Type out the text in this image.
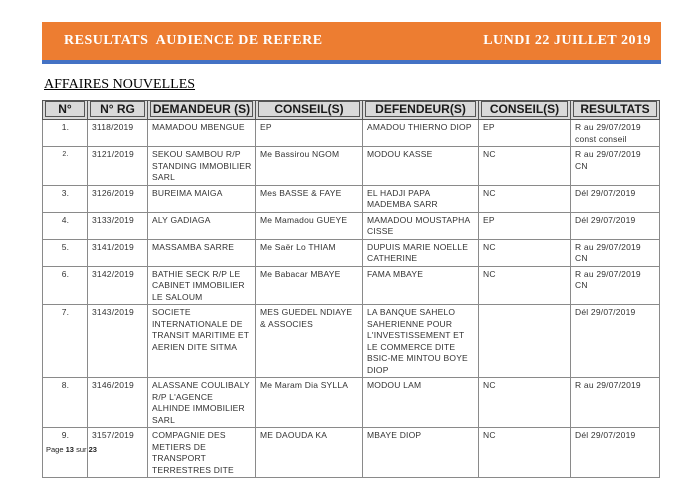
RESULTATS  AUDIENCE DE REFERE	LUNDI 22 JUILLET 2019
AFFAIRES NOUVELLES
N°	N° RG	DEMANDEUR (S)	CONSEIL(S)	DEFENDEUR(S)	CONSEIL(S)	RESULTATS

1.	3118/2019	MAMADOU MBENGUE	EP	AMADOU THIERNO DIOP	EP	R au 29/07/2019 const conseil
2.	3121/2019	SEKOU SAMBOU R/P STANDING IMMOBILIER SARL	Me Bassirou NGOM	MODOU KASSE	NC	R au 29/07/2019 CN
3.	3126/2019	BUREIMA MAIGA	Mes BASSE & FAYE	EL HADJI PAPA MADEMBA SARR	NC	Dél 29/07/2019
4.	3133/2019	ALY GADIAGA	Me Mamadou GUEYE	MAMADOU MOUSTAPHA CISSE	EP	Dél 29/07/2019
5.	3141/2019	MASSAMBA SARRE	Me Saër Lo THIAM	DUPUIS MARIE NOELLE CATHERINE	NC	R au 29/07/2019 CN
6.	3142/2019	BATHIE SECK R/P LE CABINET IMMOBILIER LE SALOUM	Me Babacar MBAYE	FAMA MBAYE	NC	R au 29/07/2019 CN
7.	3143/2019	SOCIETE INTERNATIONALE DE TRANSIT MARITIME ET AERIEN DITE SITMA	MES GUEDEL NDIAYE & ASSOCIES	LA BANQUE SAHELO SAHERIENNE POUR L'INVESTISSEMENT ET LE COMMERCE DITE BSIC-ME MINTOU BOYE DIOP		Dél 29/07/2019
8.	3146/2019	ALASSANE COULIBALY R/P L'AGENCE ALHINDE IMMOBILIER SARL	Me Maram Dia SYLLA	MODOU LAM	NC	R au 29/07/2019
9.	3157/2019	COMPAGNIE DES METIERS DE TRANSPORT TERRESTRES DITE	ME DAOUDA KA	MBAYE DIOP	NC	Dél 29/07/2019
Page 13 sur 23
